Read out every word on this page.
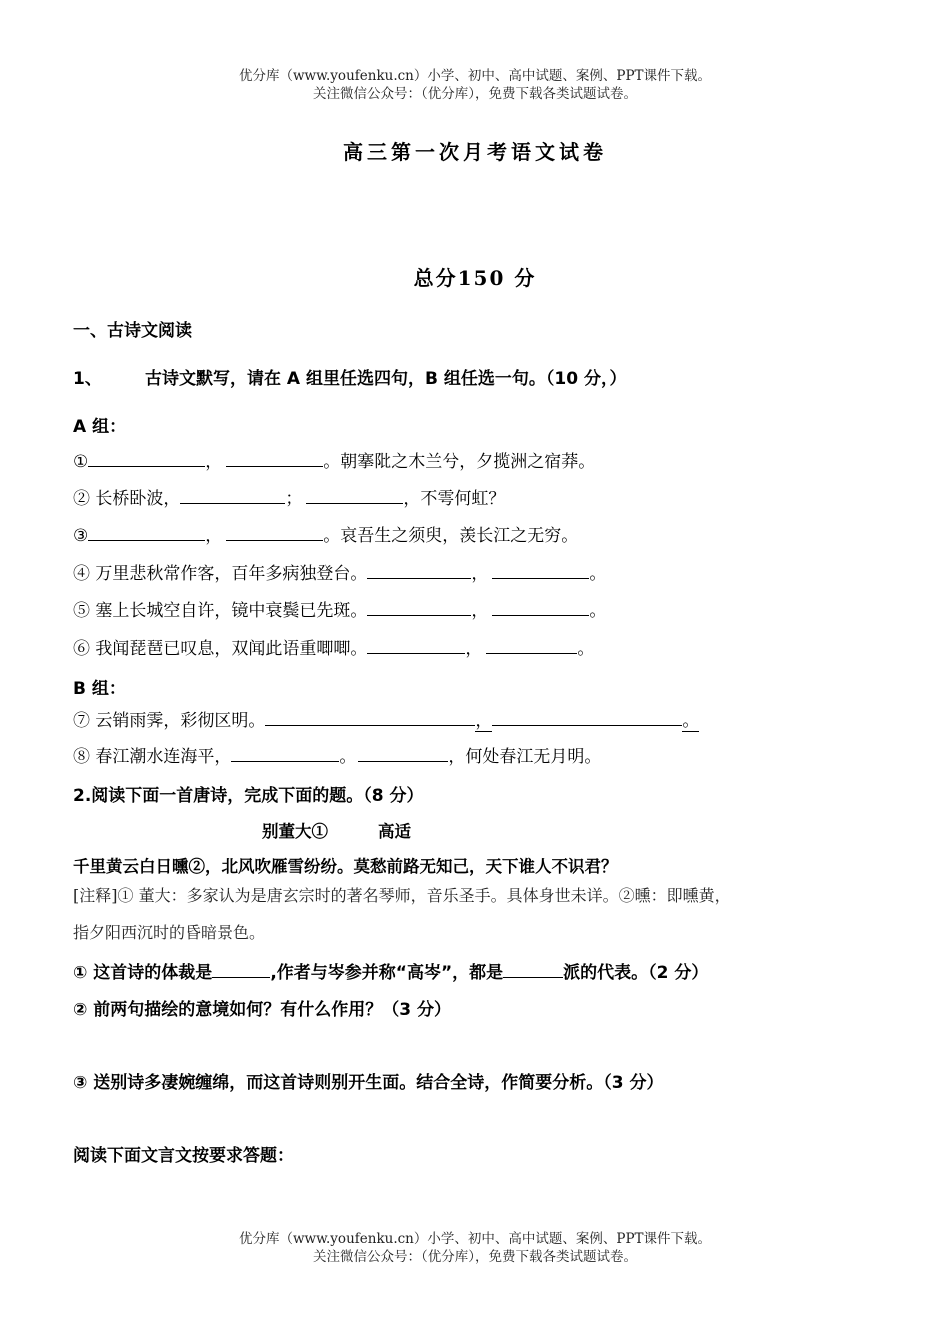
优分库（www.youfenku.cn）小学、初中、高中试题、案例、PPT课件下载。
关注微信公众号：（优分库），免费下载各类试题试卷。
高三第一次月考语文试卷
总分150 分
一、古诗文阅读
1、	古诗文默写，请在 A 组里任选四句，B 组任选一句。（10 分，）
A 组：
①	，	。朝搴阰之木兰兮，夕揽洲之宿莽。
② 长桥卧波，	；	，不雩何虹？
③	，	。哀吾生之须臾，羡长江之无穷。
④ 万里悲秋常作客，百年多病独登台。	，	。
⑤ 塞上长城空自许，镜中衰鬓已先斑。	，	。
⑥ 我闻琵琶已叹息，双闻此语重唧唧。	，	。
B 组：
⑦ 云销雨霁，彩彻区明。	，	。
⑧ 春江潮水连海平，	。	，何处春江无月明。
2.阅读下面一首唐诗，完成下面的题。（8 分）
别董大①	高适
千里黄云白日曛②，北风吹雁雪纷纷。莫愁前路无知己，天下谁人不识君？
[注释]① 董大：多家认为是唐玄宗时的著名琴师，音乐圣手。具体身世未详。②曛：即曛黄，
指夕阳西沉时的昏暗景色。
① 这首诗的体裁是	,作者与岑参并称“高岑”，都是	派的代表。（2 分）
② 前两句描绘的意境如何？有什么作用？（3 分）
③ 送别诗多凄婉缠绵，而这首诗则别开生面。结合全诗，作简要分析。（3 分）
阅读下面文言文按要求答题：
优分库（www.youfenku.cn）小学、初中、高中试题、案例、PPT课件下载。
关注微信公众号：（优分库），免费下载各类试题试卷。
